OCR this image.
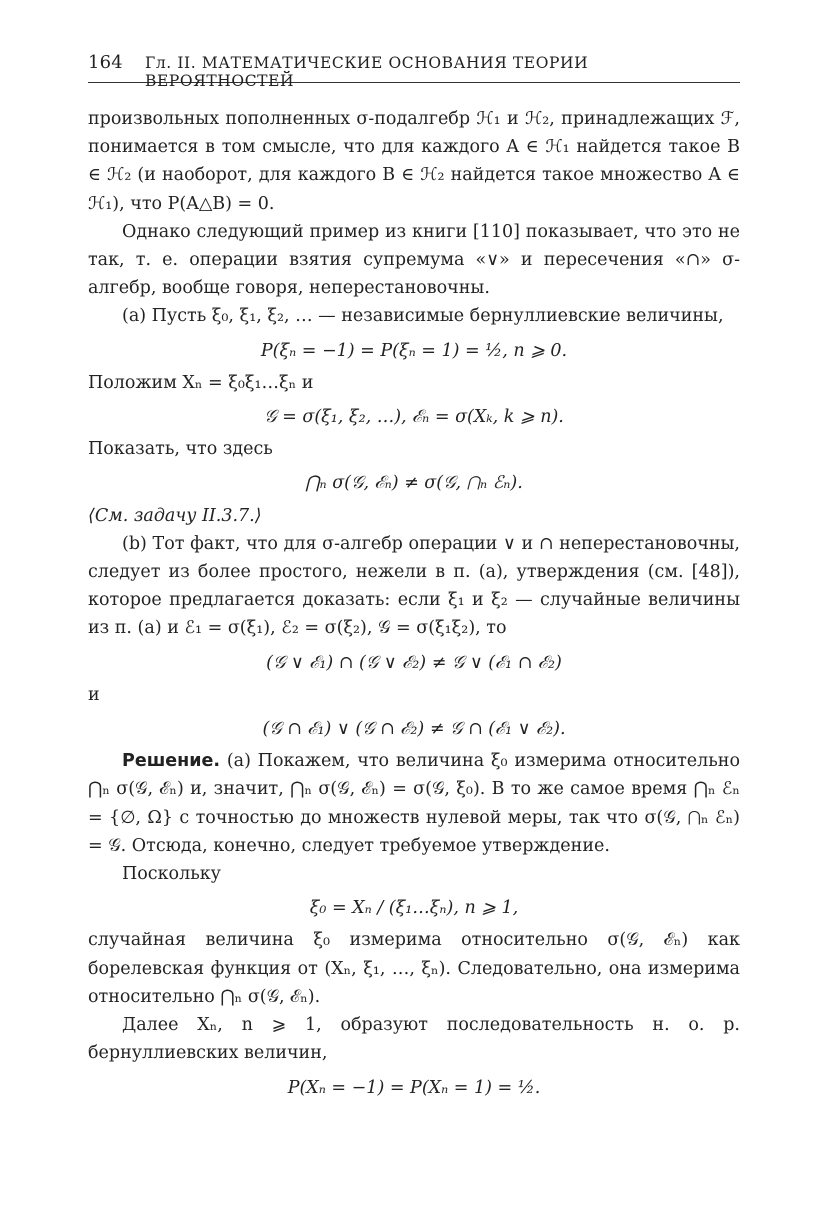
164 Гл. II. МАТЕМАТИЧЕСКИЕ ОСНОВАНИЯ ТЕОРИИ ВЕРОЯТНОСТЕЙ

произвольных пополненных σ-подалгебр ℋ₁ и ℋ₂, принадлежащих ℱ, понимается в том смысле, что для каждого A ∈ ℋ₁ найдется такое B ∈ ℋ₂ (и наоборот, для каждого B ∈ ℋ₂ найдется такое множество A ∈ ℋ₁), что P(A△B) = 0.

Однако следующий пример из книги [110] показывает, что это не так, т. е. операции взятия супремума «∨» и пересечения «∩» σ-алгебр, вообще говоря, неперестановочны.

(a) Пусть ξ₀, ξ₁, ξ₂, … — независимые бернуллиевские величины,

P(ξₙ = −1) = P(ξₙ = 1) = ½, n ⩾ 0.

Положим Xₙ = ξ₀ξ₁…ξₙ и

𝒢 = σ(ξ₁, ξ₂, …), ℰₙ = σ(Xₖ, k ⩾ n).

Показать, что здесь

⋂ₙ σ(𝒢, ℰₙ) ≠ σ(𝒢, ⋂ₙ ℰₙ).

⟨См. задачу II.3.7.⟩

(b) Тот факт, что для σ-алгебр операции ∨ и ∩ неперестановочны, следует из более простого, нежели в п. (a), утверждения (см. [48]), которое предлагается доказать: если ξ₁ и ξ₂ — случайные величины из п. (a) и ℰ₁ = σ(ξ₁), ℰ₂ = σ(ξ₂), 𝒢 = σ(ξ₁ξ₂), то

(𝒢 ∨ ℰ₁) ∩ (𝒢 ∨ ℰ₂) ≠ 𝒢 ∨ (ℰ₁ ∩ ℰ₂)

и

(𝒢 ∩ ℰ₁) ∨ (𝒢 ∩ ℰ₂) ≠ 𝒢 ∩ (ℰ₁ ∨ ℰ₂).

Решение. (a) Покажем, что величина ξ₀ измерима относительно ⋂ₙ σ(𝒢, ℰₙ) и, значит, ⋂ₙ σ(𝒢, ℰₙ) = σ(𝒢, ξ₀). В то же самое время ⋂ₙ ℰₙ = {∅, Ω} с точностью до множеств нулевой меры, так что σ(𝒢, ⋂ₙ ℰₙ) = 𝒢. Отсюда, конечно, следует требуемое утверждение.

Поскольку

ξ₀ = Xₙ / (ξ₁…ξₙ), n ⩾ 1,

случайная величина ξ₀ измерима относительно σ(𝒢, ℰₙ) как борелевская функция от (Xₙ, ξ₁, …, ξₙ). Следовательно, она измерима относительно ⋂ₙ σ(𝒢, ℰₙ).

Далее Xₙ, n ⩾ 1, образуют последовательность н. о. р. бернуллиевских величин,

P(Xₙ = −1) = P(Xₙ = 1) = ½.
